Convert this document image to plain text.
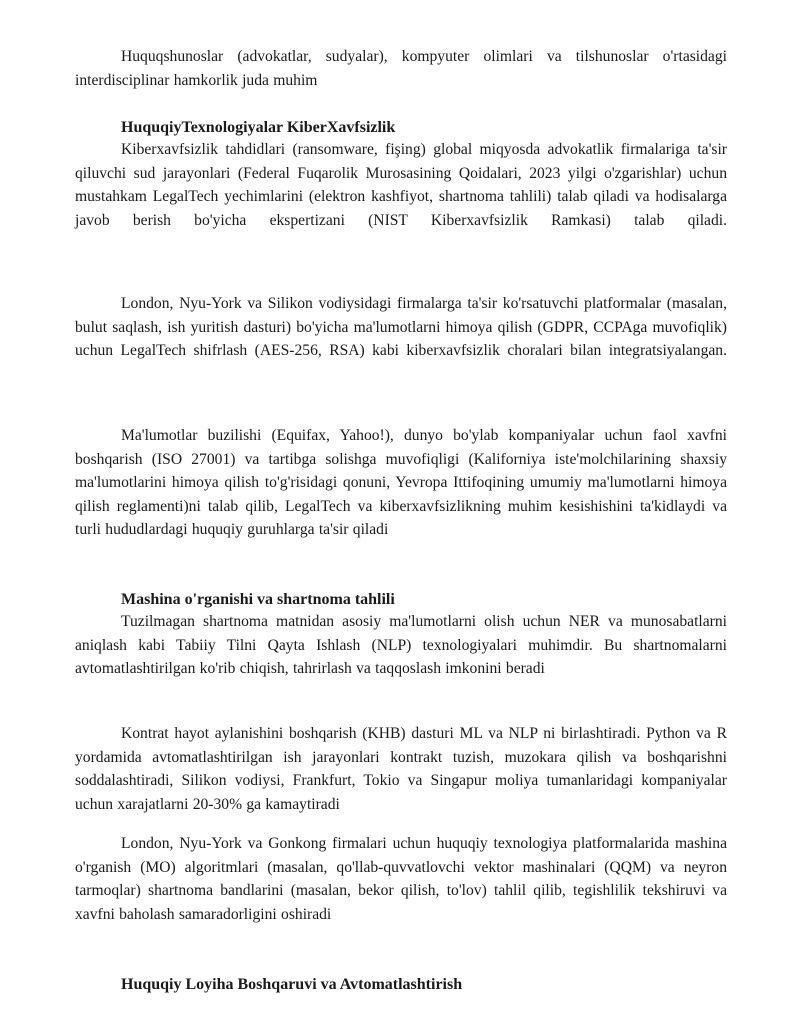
Huquqshunoslar (advokatlar, sudyalar), kompyuter olimlari va tilshunoslar o'rtasidagi interdisciplinar hamkorlik juda muhim

HuquqiyTexnologiyalar KiberXavfsizlik

Kiberxavfsizlik tahdidlari (ransomware, fişing) global miqyosda advokatlik firmalariga ta'sir qiluvchi sud jarayonlari (Federal Fuqarolik Murosasining Qoidalari, 2023 yilgi o'zgarishlar) uchun mustahkam LegalTech yechimlarini (elektron kashfiyot, shartnoma tahlili) talab qiladi va hodisalarga javob berish bo'yicha ekspertizani (NIST Kiberxavfsizlik Ramkasi) talab qiladi.

London, Nyu-York va Silikon vodiysidagi firmalarga ta'sir ko'rsatuvchi platformalar (masalan, bulut saqlash, ish yuritish dasturi) bo'yicha ma'lumotlarni himoya qilish (GDPR, CCPAga muvofiqlik) uchun LegalTech shifrlash (AES-256, RSA) kabi kiberxavfsizlik choralari bilan integratsiyalangan.

Ma'lumotlar buzilishi (Equifax, Yahoo!), dunyo bo'ylab kompaniyalar uchun faol xavfni boshqarish (ISO 27001) va tartibga solishga muvofiqligi (Kaliforniya iste'molchilarining shaxsiy ma'lumotlarini himoya qilish to'g'risidagi qonuni, Yevropa Ittifoqining umumiy ma'lumotlarni himoya qilish reglamenti)ni talab qilib, LegalTech va kiberxavfsizlikning muhim kesishishini ta'kidlaydi va turli hududlardagi huquqiy guruhlarga ta'sir qiladi

Mashina o'rganishi va shartnoma tahlili

Tuzilmagan shartnoma matnidan asosiy ma'lumotlarni olish uchun NER va munosabatlarni aniqlash kabi Tabiiy Tilni Qayta Ishlash (NLP) texnologiyalari muhimdir. Bu shartnomalarni avtomatlashtirilgan ko'rib chiqish, tahrirlash va taqqoslash imkonini beradi

Kontrat hayot aylanishini boshqarish (KHB) dasturi ML va NLP ni birlashtiradi. Python va R yordamida avtomatlashtirilgan ish jarayonlari kontrakt tuzish, muzokara qilish va boshqarishni soddalashtiradi, Silikon vodiysi, Frankfurt, Tokio va Singapur moliya tumanlaridagi kompaniyalar uchun xarajatlarni 20-30% ga kamaytiradi

London, Nyu-York va Gonkong firmalari uchun huquqiy texnologiya platformalarida mashina o'rganish (MO) algoritmlari (masalan, qo'llab-quvvatlovchi vektor mashinalari (QQM) va neyron tarmoqlar) shartnoma bandlarini (masalan, bekor qilish, to'lov) tahlil qilib, tegishlilik tekshiruvi va xavfni baholash samaradorligini oshiradi

Huquqiy Loyiha Boshqaruvi va Avtomatlashtirish
